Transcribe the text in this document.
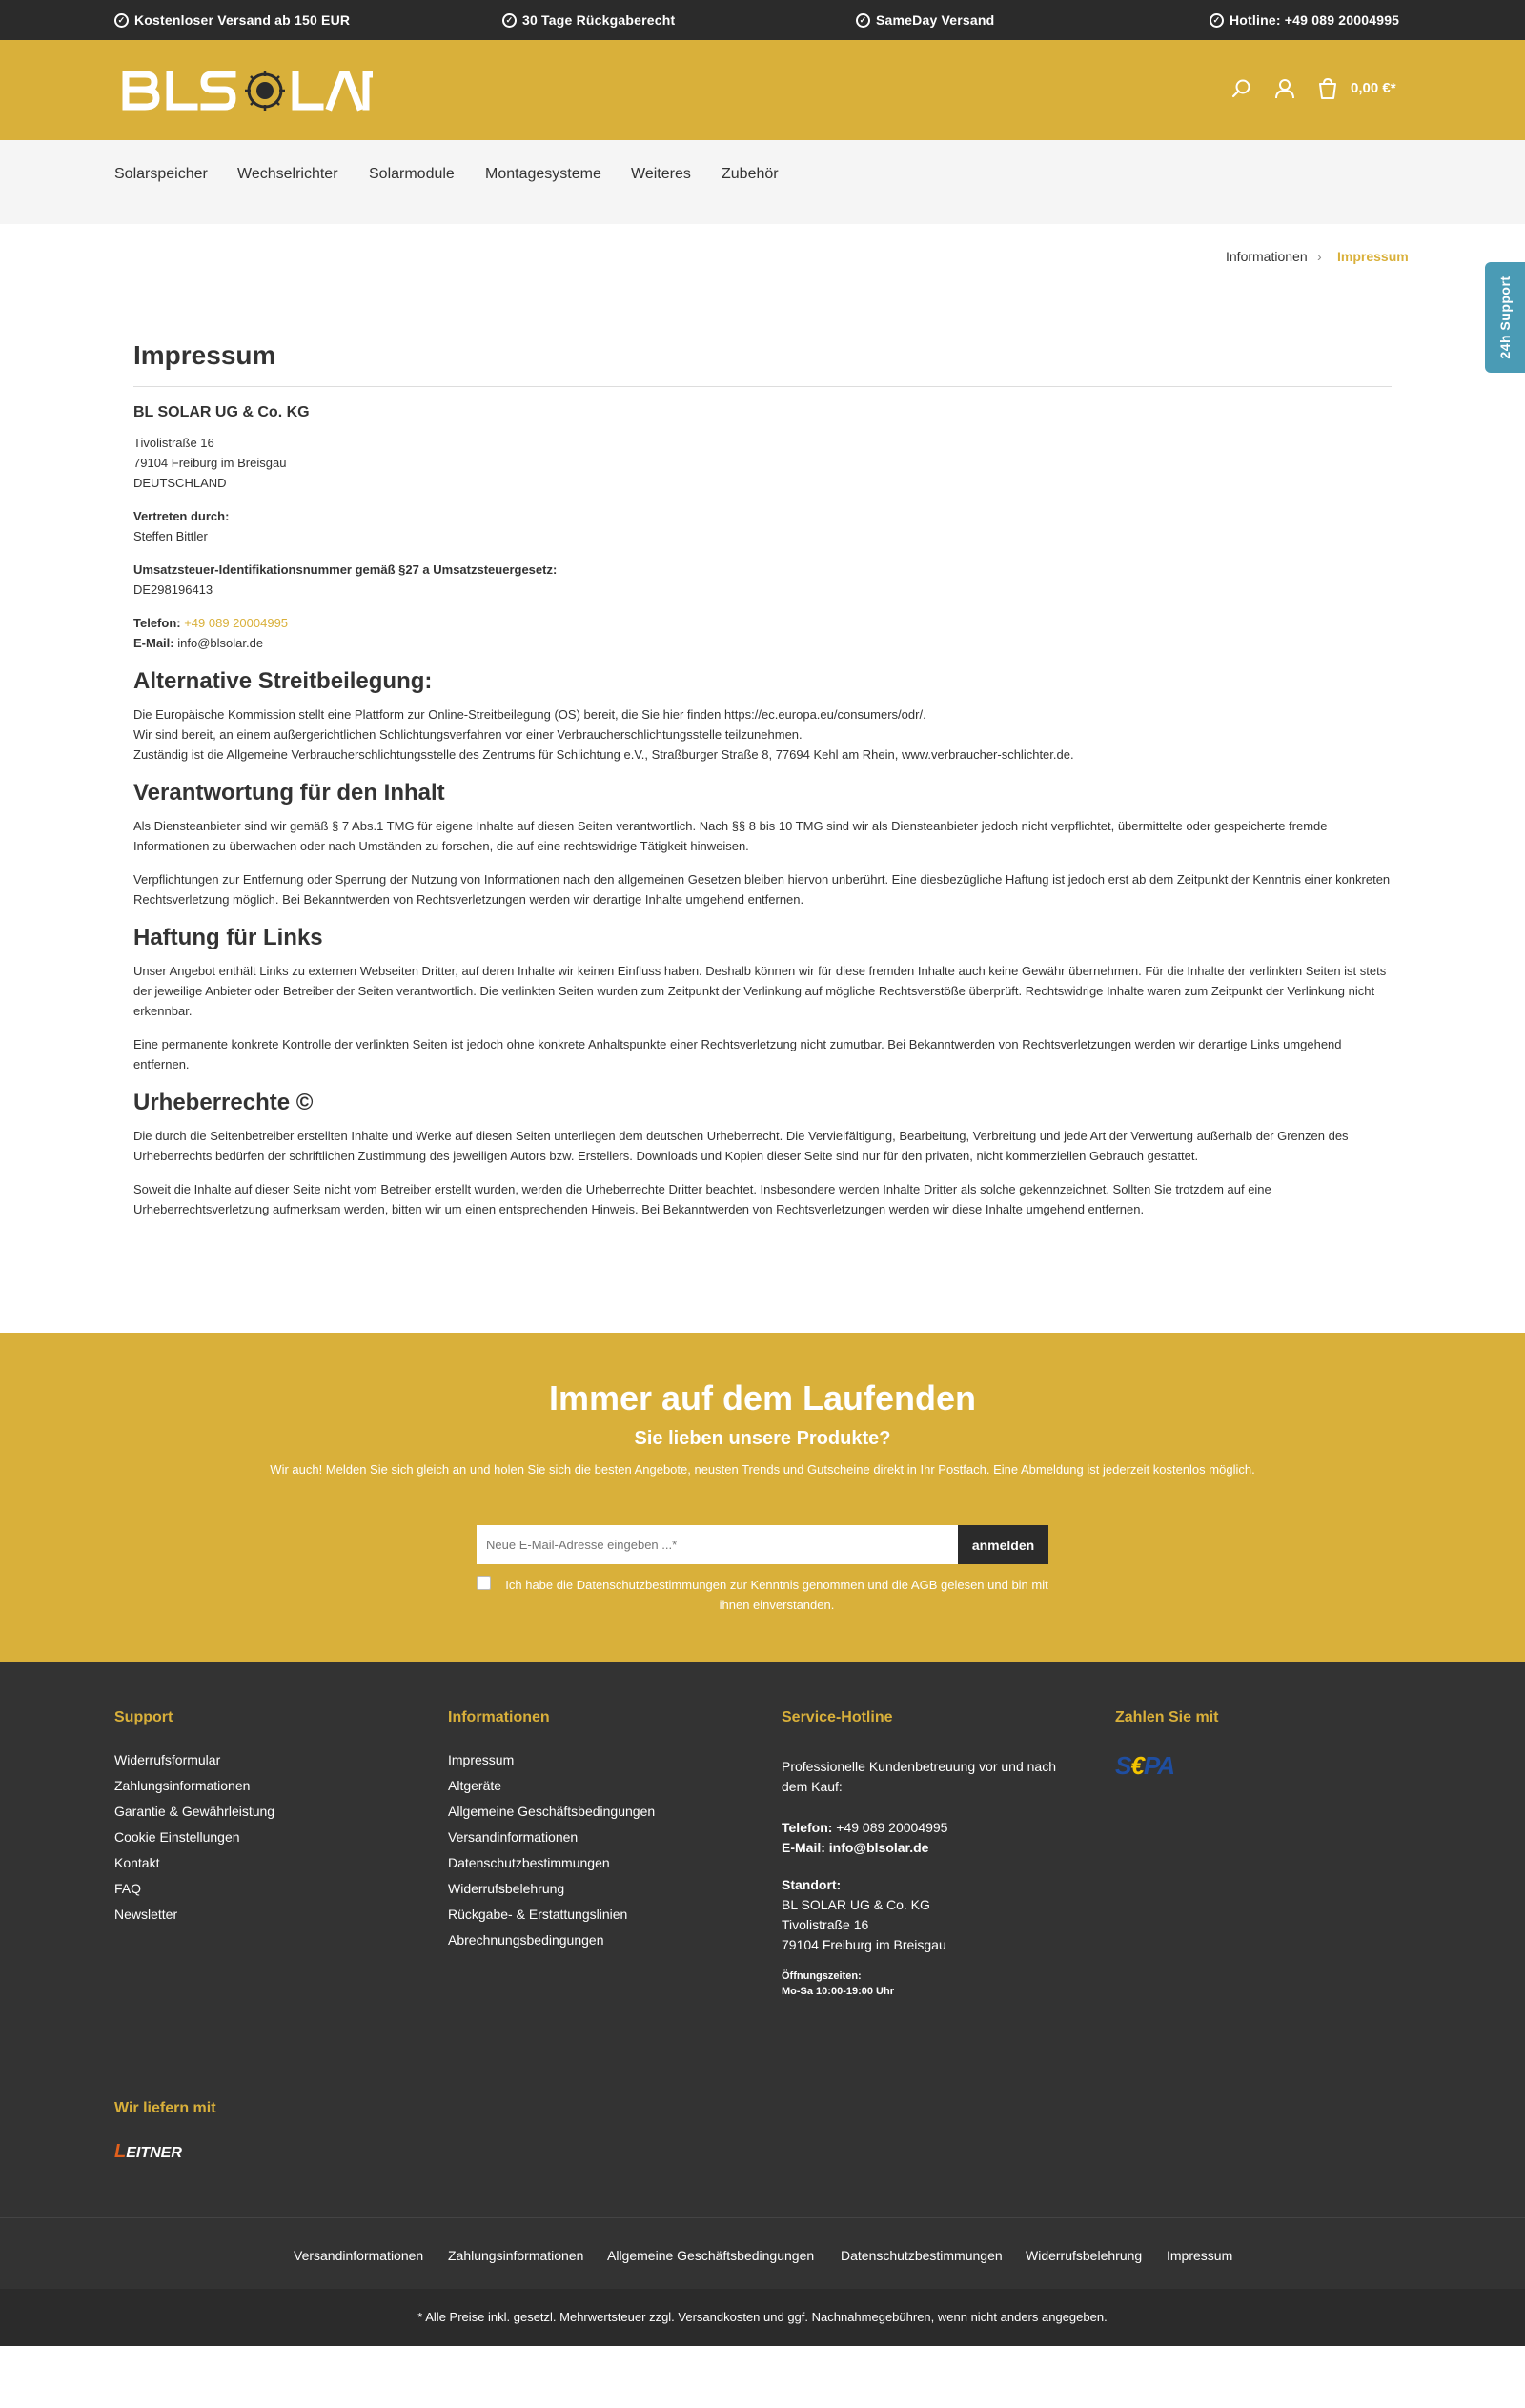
✓ Kostenloser Versand ab 150 EUR	✓ 30 Tage Rückgaberecht	✓ SameDay Versand	✓ Hotline: +49 089 20004995
0,00 €*
Solarspeicher Wechselrichter Solarmodule Montagesysteme Weiteres Zubehör
Informationen › Impressum
24h Support
Impressum
BL SOLAR UG & Co. KG

Tivolistraße 16
79104 Freiburg im Breisgau
DEUTSCHLAND

Vertreten durch:
Steffen Bittler

Umsatzsteuer-Identifikationsnummer gemäß §27 a Umsatzsteuergesetz:
DE298196413

Telefon: +49 089 20004995
E-Mail: info@blsolar.de

Alternative Streitbeilegung:

Die Europäische Kommission stellt eine Plattform zur Online-Streitbeilegung (OS) bereit, die Sie hier finden https://ec.europa.eu/consumers/odr/.
Wir sind bereit, an einem außergerichtlichen Schlichtungsverfahren vor einer Verbraucherschlichtungsstelle teilzunehmen.
Zuständig ist die Allgemeine Verbraucherschlichtungsstelle des Zentrums für Schlichtung e.V., Straßburger Straße 8, 77694 Kehl am Rhein, www.verbraucher-schlichter.de.

Verantwortung für den Inhalt

Als Diensteanbieter sind wir gemäß § 7 Abs.1 TMG für eigene Inhalte auf diesen Seiten verantwortlich. Nach §§ 8 bis 10 TMG sind wir als Diensteanbieter jedoch nicht verpflichtet, übermittelte oder gespeicherte fremde Informationen zu überwachen oder nach Umständen zu forschen, die auf eine rechtswidrige Tätigkeit hinweisen.

Verpflichtungen zur Entfernung oder Sperrung der Nutzung von Informationen nach den allgemeinen Gesetzen bleiben hiervon unberührt. Eine diesbezügliche Haftung ist jedoch erst ab dem Zeitpunkt der Kenntnis einer konkreten Rechtsverletzung möglich. Bei Bekanntwerden von Rechtsverletzungen werden wir derartige Inhalte umgehend entfernen.

Haftung für Links

Unser Angebot enthält Links zu externen Webseiten Dritter, auf deren Inhalte wir keinen Einfluss haben. Deshalb können wir für diese fremden Inhalte auch keine Gewähr übernehmen. Für die Inhalte der verlinkten Seiten ist stets der jeweilige Anbieter oder Betreiber der Seiten verantwortlich. Die verlinkten Seiten wurden zum Zeitpunkt der Verlinkung auf mögliche Rechtsverstöße überprüft. Rechtswidrige Inhalte waren zum Zeitpunkt der Verlinkung nicht erkennbar.

Eine permanente konkrete Kontrolle der verlinkten Seiten ist jedoch ohne konkrete Anhaltspunkte einer Rechtsverletzung nicht zumutbar. Bei Bekanntwerden von Rechtsverletzungen werden wir derartige Links umgehend entfernen.

Urheberrechte ©

Die durch die Seitenbetreiber erstellten Inhalte und Werke auf diesen Seiten unterliegen dem deutschen Urheberrecht. Die Vervielfältigung, Bearbeitung, Verbreitung und jede Art der Verwertung außerhalb der Grenzen des Urheberrechts bedürfen der schriftlichen Zustimmung des jeweiligen Autors bzw. Erstellers. Downloads und Kopien dieser Seite sind nur für den privaten, nicht kommerziellen Gebrauch gestattet.

Soweit die Inhalte auf dieser Seite nicht vom Betreiber erstellt wurden, werden die Urheberrechte Dritter beachtet. Insbesondere werden Inhalte Dritter als solche gekennzeichnet. Sollten Sie trotzdem auf eine Urheberrechtsverletzung aufmerksam werden, bitten wir um einen entsprechenden Hinweis. Bei Bekanntwerden von Rechtsverletzungen werden wir diese Inhalte umgehend entfernen.

Immer auf dem Laufenden
Sie lieben unsere Produkte?
Wir auch! Melden Sie sich gleich an und holen Sie sich die besten Angebote, neusten Trends und Gutscheine direkt in Ihr Postfach. Eine Abmeldung ist jederzeit kostenlos möglich.
Neue E-Mail-Adresse eingeben ...*
anmelden
Ich habe die Datenschutzbestimmungen zur Kenntnis genommen und die AGB gelesen und bin mit ihnen einverstanden.
Support
Widerrufsformular
Zahlungsinformationen
Garantie & Gewährleistung
Cookie Einstellungen
Kontakt
FAQ
Newsletter
Informationen
Impressum
Altgeräte
Allgemeine Geschäftsbedingungen
Versandinformationen
Datenschutzbestimmungen
Widerrufsbelehrung
Rückgabe- & Erstattungslinien
Abrechnungsbedingungen
Service-Hotline
Professionelle Kundenbetreuung vor und nach dem Kauf:
Telefon: +49 089 20004995
E-Mail: info@blsolar.de
Standort:
BL SOLAR UG & Co. KG
Tivolistraße 16
79104 Freiburg im Breisgau
Öffnungszeiten:
Mo-Sa 10:00-19:00 Uhr
Zahlen Sie mit
S€PA
Wir liefern mit
LEITNER
Versandinformationen Zahlungsinformationen Allgemeine Geschäftsbedingungen Datenschutzbestimmungen Widerrufsbelehrung Impressum
* Alle Preise inkl. gesetzl. Mehrwertsteuer zzgl. Versandkosten und ggf. Nachnahmegebühren, wenn nicht anders angegeben.
